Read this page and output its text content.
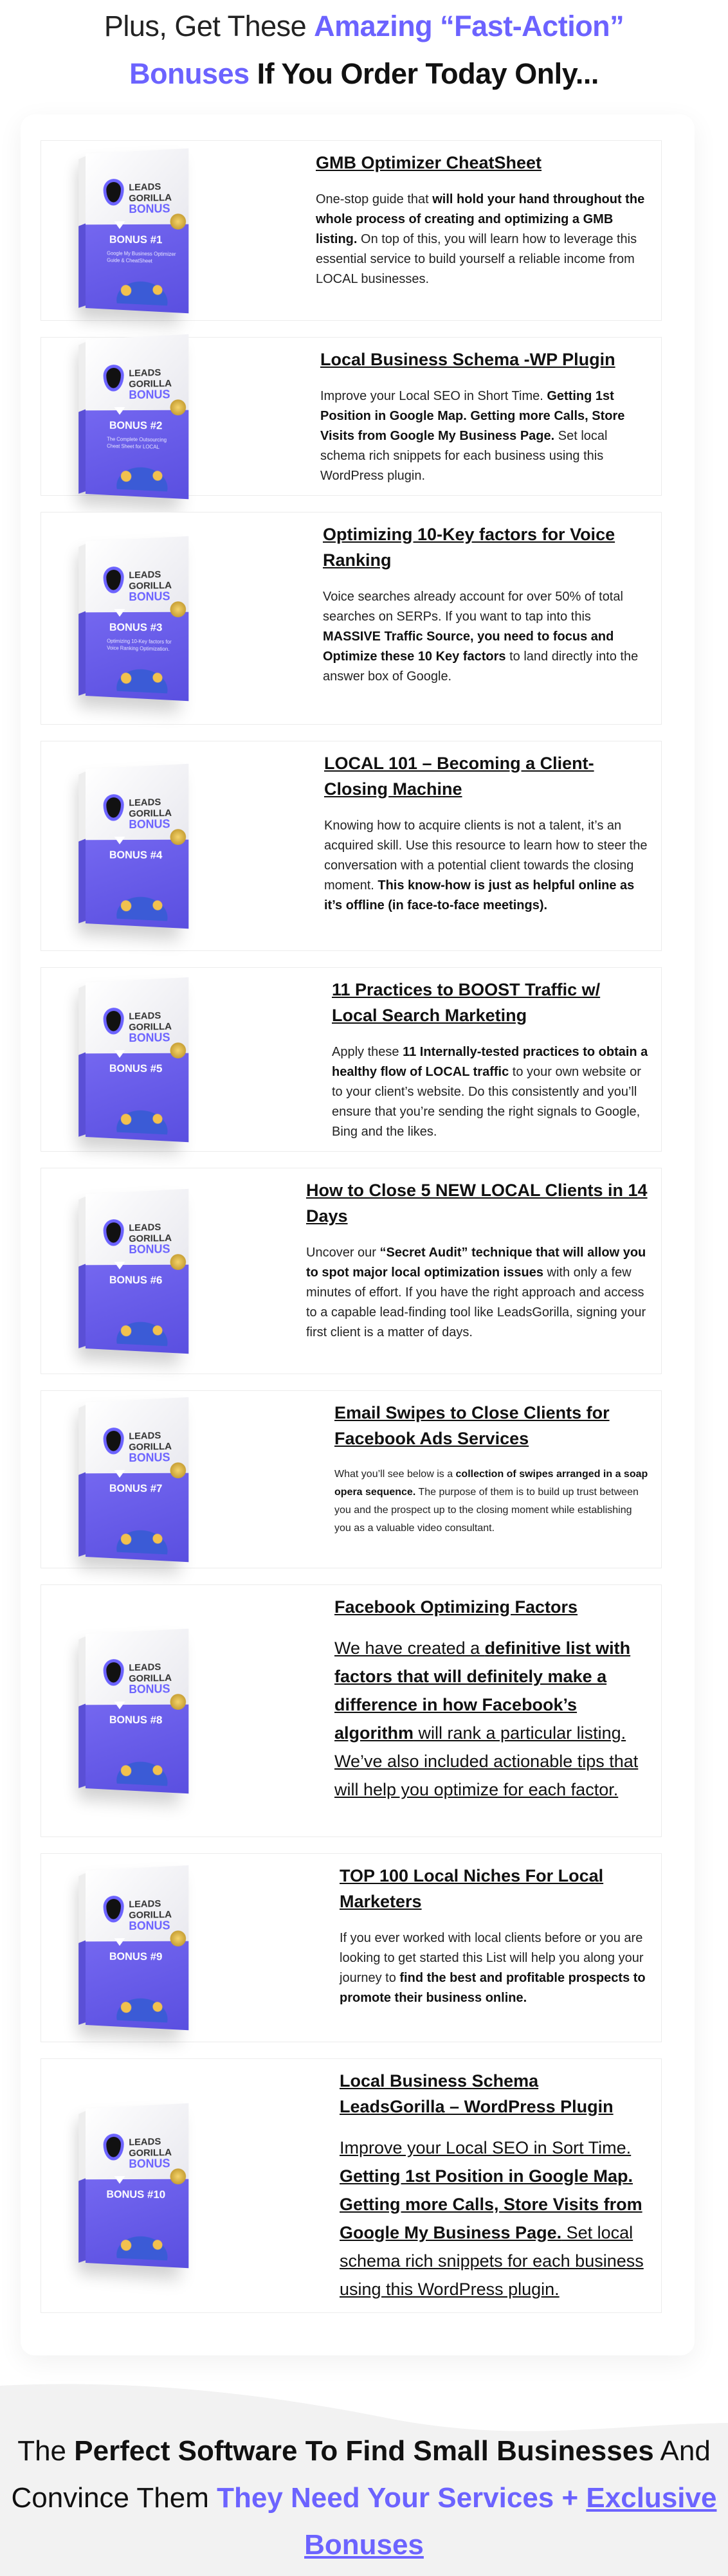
Plus, Get These Amazing “Fast-Action”
Bonuses If You Order Today Only...
LEADS
GORILLA
BONUS
BONUS #1
Google My Business Optimizer Guide & CheatSheet
GMB Optimizer CheatSheet

One-stop guide that will hold your hand throughout the whole process of creating and optimizing a GMB listing. On top of this, you will learn how to leverage this essential service to build yourself a reliable income from LOCAL businesses.

LEADS
GORILLA
BONUS
BONUS #2
The Complete Outsourcing Cheat Sheet for LOCAL
Local Business Schema -WP Plugin

Improve your Local SEO in Short Time. Getting 1st Position in Google Map. Getting more Calls, Store Visits from Google My Business Page. Set local schema rich snippets for each business using this WordPress plugin.

LEADS
GORILLA
BONUS
BONUS #3
Optimizing 10-Key factors for Voice Ranking Optimization.
Optimizing 10-Key factors for Voice Ranking

Voice searches already account for over 50% of total searches on SERPs. If you want to tap into this MASSIVE Traffic Source, you need to focus and Optimize these 10 Key factors to land directly into the answer box of Google.

LEADS
GORILLA
BONUS
BONUS #4
LOCAL 101 – Becoming a Client-Closing Machine

Knowing how to acquire clients is not a talent, it’s an acquired skill. Use this resource to learn how to steer the conversation with a potential client towards the closing moment. This know-how is just as helpful online as it’s offline (in face-to-face meetings).

LEADS
GORILLA
BONUS
BONUS #5
11 Practices to BOOST Traffic w/ Local Search Marketing

Apply these 11 Internally-tested practices to obtain a healthy flow of LOCAL traffic to your own website or to your client’s website. Do this consistently and you’ll ensure that you’re sending the right signals to Google, Bing and the likes.

LEADS
GORILLA
BONUS
BONUS #6
How to Close 5 NEW LOCAL Clients in 14 Days

Uncover our “Secret Audit” technique that will allow you to spot major local optimization issues with only a few minutes of effort. If you have the right approach and access to a capable lead-finding tool like LeadsGorilla, signing your first client is a matter of days.

LEADS
GORILLA
BONUS
BONUS #7
Email Swipes to Close Clients for Facebook Ads Services

What you’ll see below is a collection of swipes arranged in a soap opera sequence. The purpose of them is to build up trust between you and the prospect up to the closing moment while establishing you as a valuable video consultant.

LEADS
GORILLA
BONUS
BONUS #8
Facebook Optimizing Factors

We have created a definitive list with factors that will definitely make a difference in how Facebook’s algorithm will rank a particular listing. We’ve also included actionable tips that will help you optimize for each factor.

LEADS
GORILLA
BONUS
BONUS #9
TOP 100 Local Niches For Local Marketers

If you ever worked with local clients before or you are looking to get started this List will help you along your journey to find the best and profitable prospects to promote their business online.

LEADS
GORILLA
BONUS
BONUS #10
Local Business Schema LeadsGorilla – WordPress Plugin

Improve your Local SEO in Sort Time. Getting 1st Position in Google Map. Getting more Calls, Store Visits from Google My Business Page. Set local schema rich snippets for each business using this WordPress plugin.

The Perfect Software To Find Small Businesses And Convince Them They Need Your Services + Exclusive Bonuses
